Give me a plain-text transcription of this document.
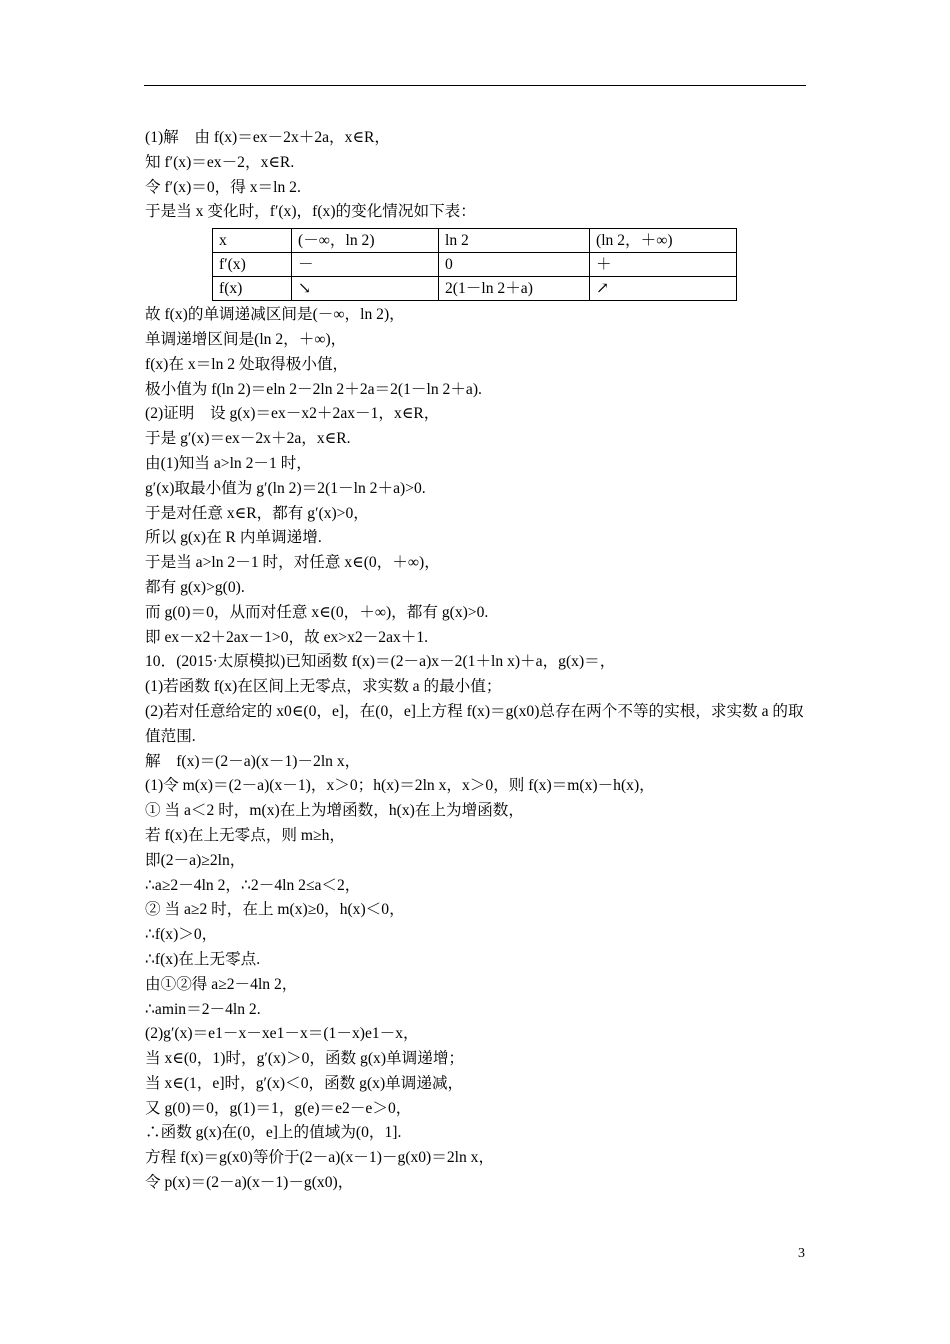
(1)解　由 f(x)＝ex－2x＋2a，x∈R，
知 f′(x)＝ex－2，x∈R.
令 f′(x)＝0，得 x＝ln 2.
于是当 x 变化时，f′(x)，f(x)的变化情况如下表：
x	(－∞，ln 2)	ln 2	(ln 2，＋∞)
f′(x)	－	0	＋
f(x)	↘	2(1－ln 2＋a)	↗
故 f(x)的单调递减区间是(－∞，ln 2)，
单调递增区间是(ln 2，＋∞)，
f(x)在 x＝ln 2 处取得极小值，
极小值为 f(ln 2)＝eln 2－2ln 2＋2a＝2(1－ln 2＋a).
(2)证明　设 g(x)＝ex－x2＋2ax－1，x∈R，
于是 g′(x)＝ex－2x＋2a，x∈R.
由(1)知当 a>ln 2－1 时，
g′(x)取最小值为 g′(ln 2)＝2(1－ln 2＋a)>0.
于是对任意 x∈R，都有 g′(x)>0，
所以 g(x)在 R 内单调递增.
于是当 a>ln 2－1 时，对任意 x∈(0，＋∞)，
都有 g(x)>g(0).
而 g(0)＝0，从而对任意 x∈(0，＋∞)，都有 g(x)>0.
即 ex－x2＋2ax－1>0，故 ex>x2－2ax＋1.
10．(2015·太原模拟)已知函数 f(x)＝(2－a)x－2(1＋ln x)＋a，g(x)＝，
(1)若函数 f(x)在区间上无零点，求实数 a 的最小值；
(2)若对任意给定的 x0∈(0，e]，在(0，e]上方程 f(x)＝g(x0)总存在两个不等的实根，求实数 a 的取值范围.
解　f(x)＝(2－a)(x－1)－2ln x，
(1)令 m(x)＝(2－a)(x－1)，x＞0；h(x)＝2ln x，x＞0，则 f(x)＝m(x)－h(x)，
① 当 a＜2 时，m(x)在上为增函数，h(x)在上为增函数，
若 f(x)在上无零点，则 m≥h，
即(2－a)≥2ln，
∴a≥2－4ln 2，∴2－4ln 2≤a＜2，
② 当 a≥2 时，在上 m(x)≥0，h(x)＜0，
∴f(x)＞0，
∴f(x)在上无零点.
由①②得 a≥2－4ln 2，
∴amin＝2－4ln 2.
(2)g′(x)＝e1－x－xe1－x＝(1－x)e1－x，
当 x∈(0，1)时，g′(x)＞0，函数 g(x)单调递增；
当 x∈(1，e]时，g′(x)＜0，函数 g(x)单调递减，
又 g(0)＝0，g(1)＝1，g(e)＝e2－e＞0，
∴函数 g(x)在(0，e]上的值域为(0，1].
方程 f(x)＝g(x0)等价于(2－a)(x－1)－g(x0)＝2ln x，
令 p(x)＝(2－a)(x－1)－g(x0)，
3
